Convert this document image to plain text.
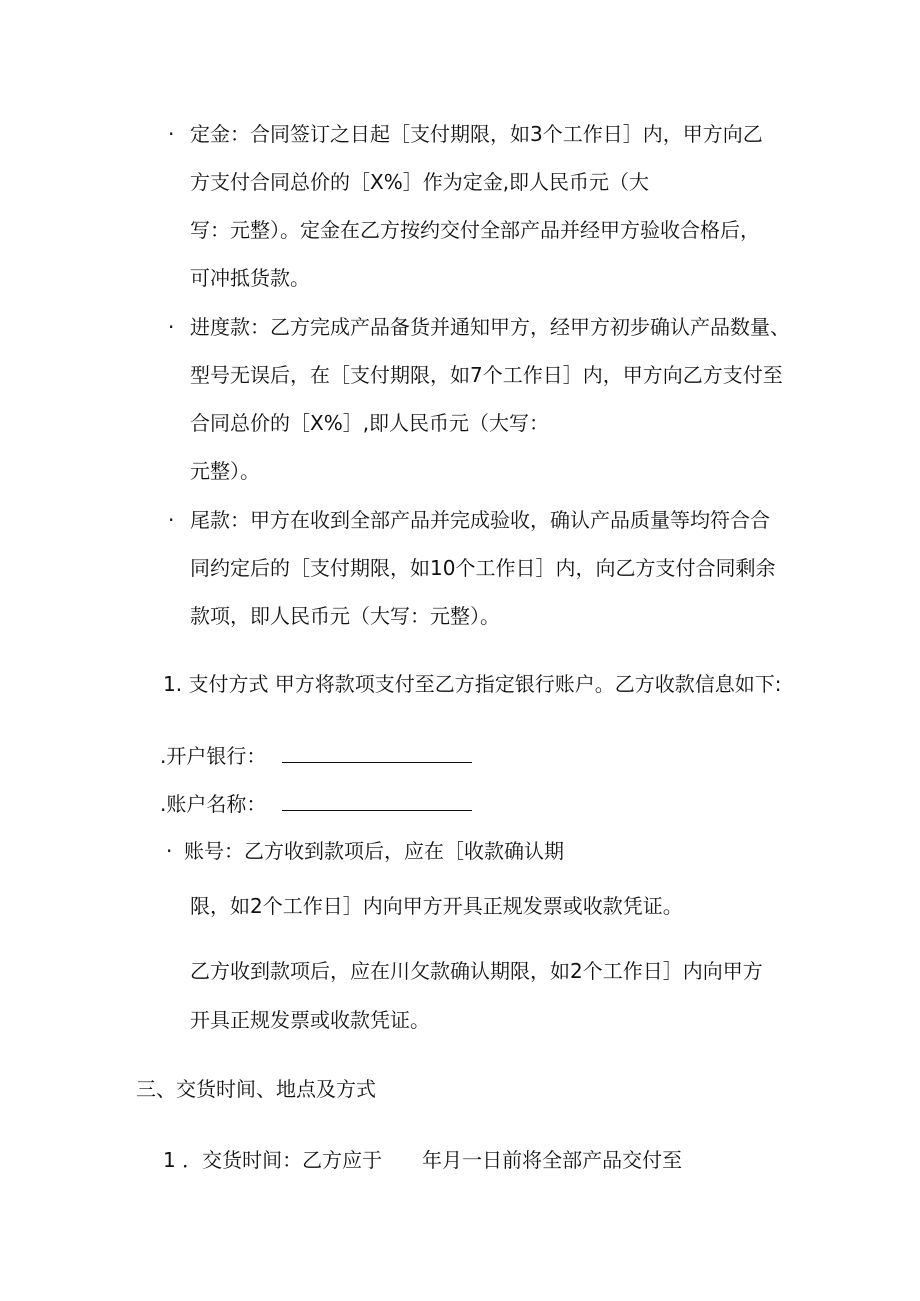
· 定金：合同签订之日起［支付期限，如3个工作日］内，甲方向乙
方支付合同总价的［X%］作为定金,即人民币元（大
写：元整）。定金在乙方按约交付全部产品并经甲方验收合格后，
可冲抵货款。
· 进度款：乙方完成产品备货并通知甲方，经甲方初步确认产品数量、
型号无误后，在［支付期限，如7个工作日］内，甲方向乙方支付至
合同总价的［X%］,即人民币元（大写：
元整）。
· 尾款：甲方在收到全部产品并完成验收，确认产品质量等均符合合
同约定后的［支付期限，如10个工作日］内，向乙方支付合同剩余
款项，即人民币元（大写：元整）。
1. 支付方式 甲方将款项支付至乙方指定银行账户。乙方收款信息如下:
.开户银行：
.账户名称：
· 账号：乙方收到款项后，应在［收款确认期
限，如2个工作日］内向甲方开具正规发票或收款凭证。
乙方收到款项后，应在川攵款确认期限，如2个工作日］内向甲方
开具正规发票或收款凭证。
三、交货时间、地点及方式
1 ．交货时间：乙方应于 年月一日前将全部产品交付至
